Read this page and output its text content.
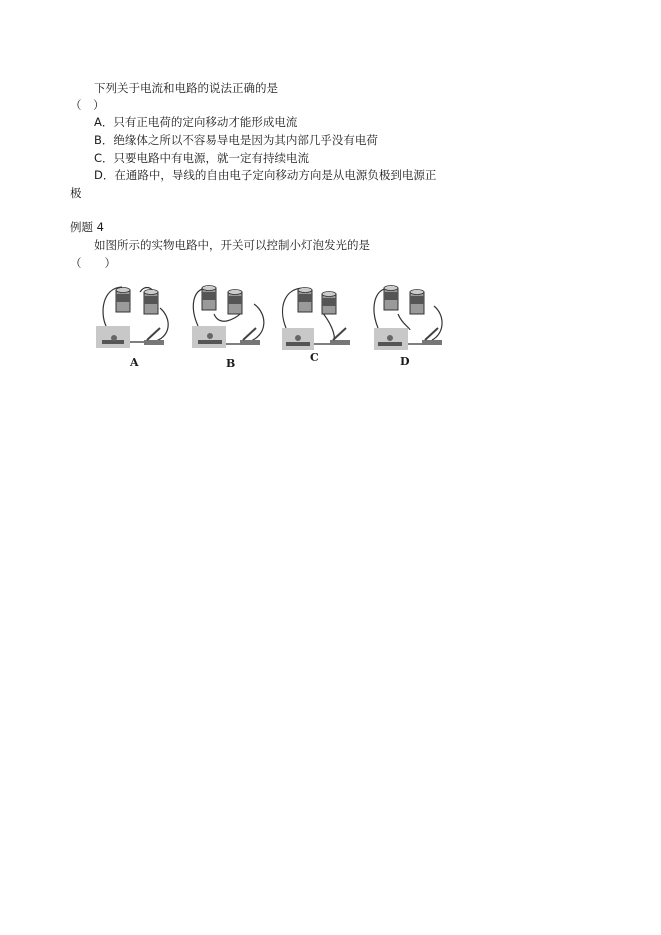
下列关于电流和电路的说法正确的是
（　）
A．只有正电荷的定向移动才能形成电流
B．绝缘体之所以不容易导电是因为其内部几乎没有电荷
C．只要电路中有电源，就一定有持续电流
D．在通路中，导线的自由电子定向移动方向是从电源负极到电源正
极
例题 4
如图所示的实物电路中，开关可以控制小灯泡发光的是
（　　）
A	B	C	D
